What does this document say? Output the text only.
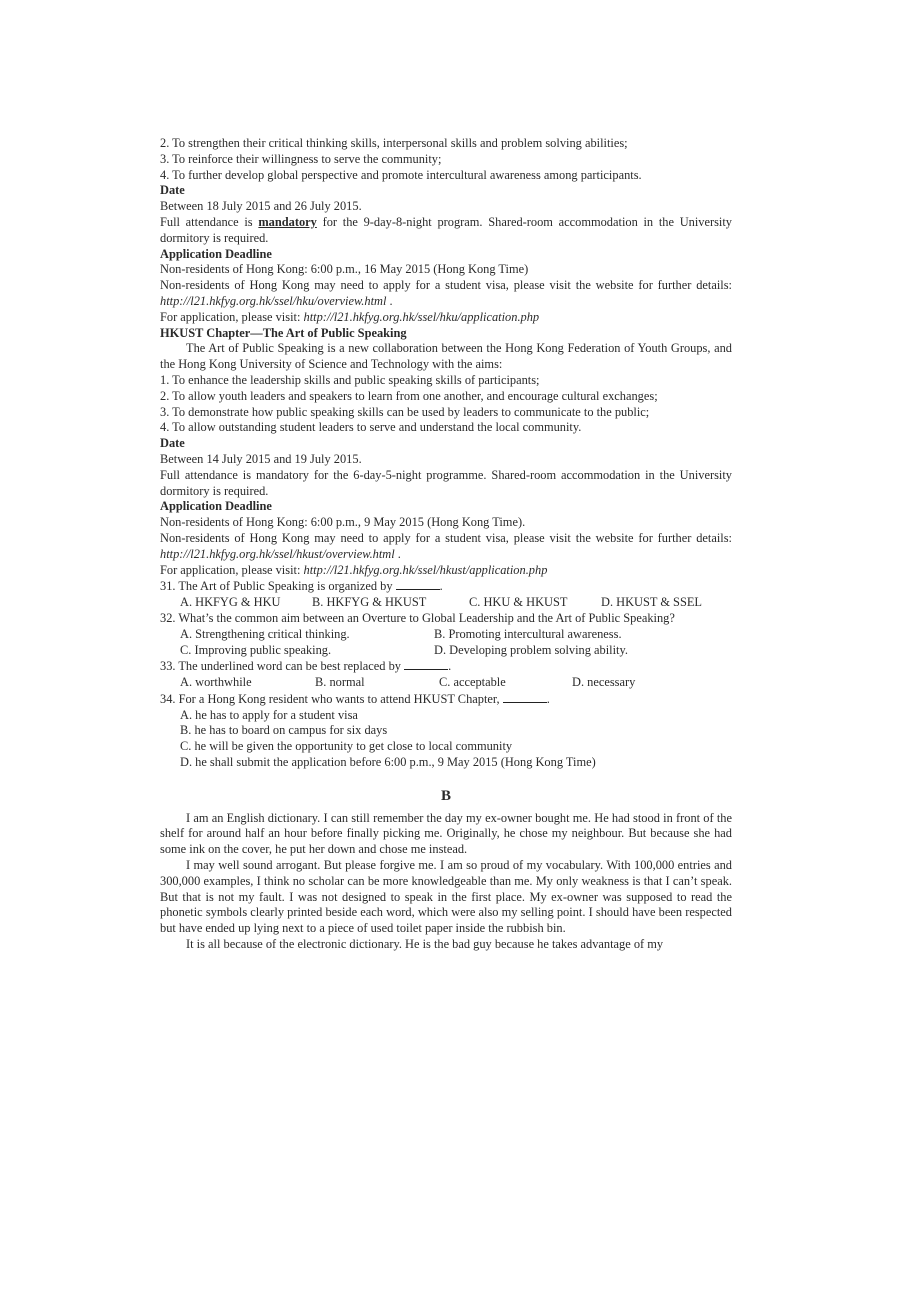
2. To strengthen their critical thinking skills, interpersonal skills and problem solving abilities;

3. To reinforce their willingness to serve the community;

4. To further develop global perspective and promote intercultural awareness among participants.

Date

Between 18 July 2015 and 26 July 2015.

Full attendance is mandatory for the 9-day-8-night program. Shared-room accommodation in the University dormitory is required.

Application Deadline

Non-residents of Hong Kong: 6:00 p.m., 16 May 2015 (Hong Kong Time)

Non-residents of Hong Kong may need to apply for a student visa, please visit the website for further details: http://l21.hkfyg.org.hk/ssel/hku/overview.html .

For application, please visit: http://l21.hkfyg.org.hk/ssel/hku/application.php

HKUST Chapter—The Art of Public Speaking

The Art of Public Speaking is a new collaboration between the Hong Kong Federation of Youth Groups, and the Hong Kong University of Science and Technology with the aims:

1. To enhance the leadership skills and public speaking skills of participants;

2. To allow youth leaders and speakers to learn from one another, and encourage cultural exchanges;

3. To demonstrate how public speaking skills can be used by leaders to communicate to the public;

4. To allow outstanding student leaders to serve and understand the local community.

Date

Between 14 July 2015 and 19 July 2015.

Full attendance is mandatory for the 6-day-5-night programme. Shared-room accommodation in the University dormitory is required.

Application Deadline

Non-residents of Hong Kong: 6:00 p.m., 9 May 2015 (Hong Kong Time).

Non-residents of Hong Kong may need to apply for a student visa, please visit the website for further details: http://l21.hkfyg.org.hk/ssel/hkust/overview.html .

For application, please visit: http://l21.hkfyg.org.hk/ssel/hkust/application.php

31. The Art of Public Speaking is organized by	.

A. HKFYG & HKU	B. HKFYG & HKUST	C. HKU & HKUST	D. HKUST & SSEL

32. What’s the common aim between an Overture to Global Leadership and the Art of Public Speaking?

A. Strengthening critical thinking.	B. Promoting intercultural awareness.

C. Improving public speaking.	D. Developing problem solving ability.

33. The underlined word can be best replaced by	.

A. worthwhile	B. normal	C. acceptable	D. necessary

34. For a Hong Kong resident who wants to attend HKUST Chapter,	.

A. he has to apply for a student visa

B. he has to board on campus for six days

C. he will be given the opportunity to get close to local community

D. he shall submit the application before 6:00 p.m., 9 May 2015 (Hong Kong Time)

B

I am an English dictionary. I can still remember the day my ex-owner bought me. He had stood in front of the shelf for around half an hour before finally picking me. Originally, he chose my neighbour. But because she had some ink on the cover, he put her down and chose me instead.

I may well sound arrogant. But please forgive me. I am so proud of my vocabulary. With 100,000 entries and 300,000 examples, I think no scholar can be more knowledgeable than me. My only weakness is that I can’t speak. But that is not my fault. I was not designed to speak in the first place. My ex-owner was supposed to read the phonetic symbols clearly printed beside each word, which were also my selling point. I should have been respected but have ended up lying next to a piece of used toilet paper inside the rubbish bin.

It is all because of the electronic dictionary. He is the bad guy because he takes advantage of my
